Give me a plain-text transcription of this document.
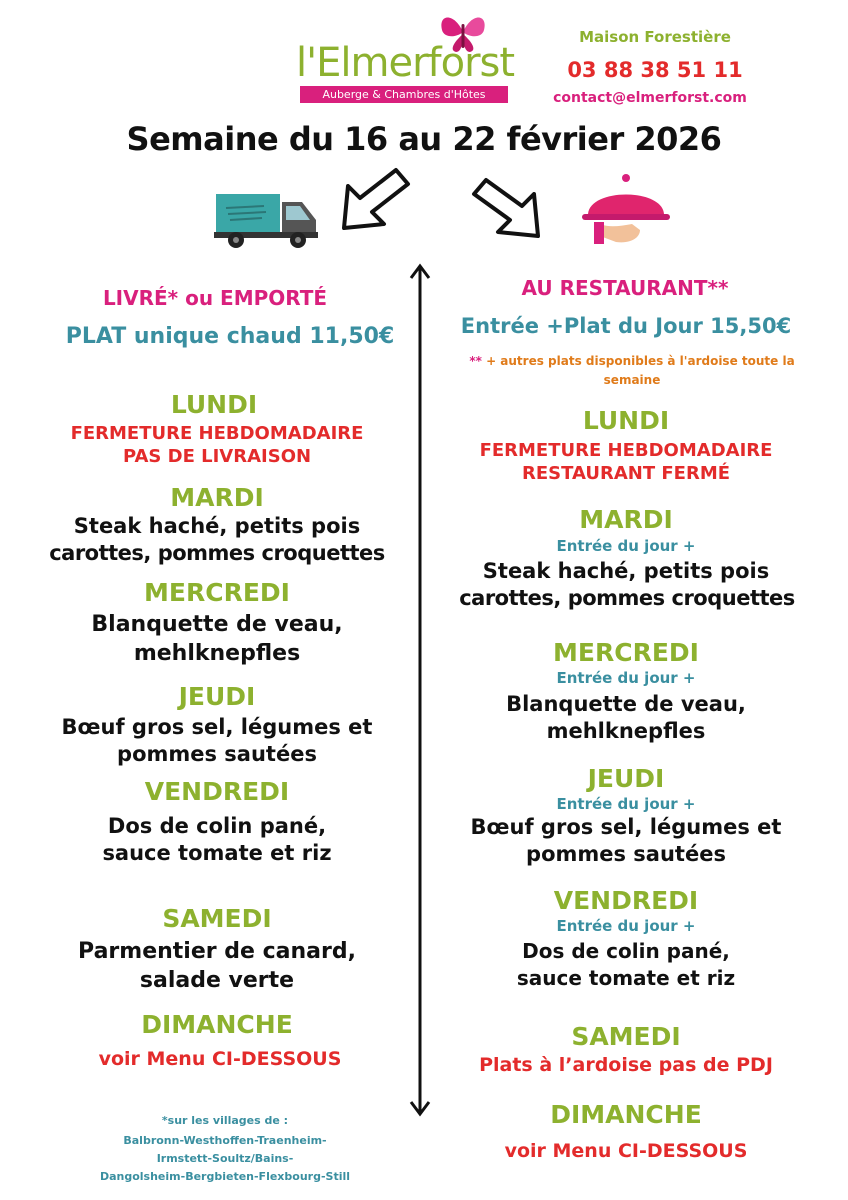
l'Elmerforst
Auberge & Chambres d'Hôtes
Maison Forestière
03 88 38 51 11
contact@elmerforst.com
Semaine du 16 au 22 février 2026
LIVRÉ* ou EMPORTÉ
PLAT unique chaud 11,50€
LUNDI
FERMETURE HEBDOMADAIRE
PAS DE LIVRAISON
MARDI
Steak haché, petits pois
carottes, pommes croquettes
MERCREDI
Blanquette de veau,
mehlknepfles
JEUDI
Bœuf gros sel, légumes et
pommes sautées
VENDREDI
Dos de colin pané,
sauce tomate et riz
SAMEDI
Parmentier de canard,
salade verte
DIMANCHE
voir Menu CI-DESSOUS
*sur les villages de :
Balbronn-Westhoffen-Traenheim-
Irmstett-Soultz/Bains-
Dangolsheim-Bergbieten-Flexbourg-Still
AU RESTAURANT**
Entrée +Plat du Jour 15,50€
** + autres plats disponibles à l'ardoise toute la
semaine
LUNDI
FERMETURE HEBDOMADAIRE
RESTAURANT FERMÉ
MARDI
Entrée du jour +
Steak haché, petits pois
carottes, pommes croquettes
MERCREDI
Entrée du jour +
Blanquette de veau,
mehlknepfles
JEUDI
Entrée du jour +
Bœuf gros sel, légumes et
pommes sautées
VENDREDI
Entrée du jour +
Dos de colin pané,
sauce tomate et riz
SAMEDI
Plats à l’ardoise pas de PDJ
DIMANCHE
voir Menu CI-DESSOUS
